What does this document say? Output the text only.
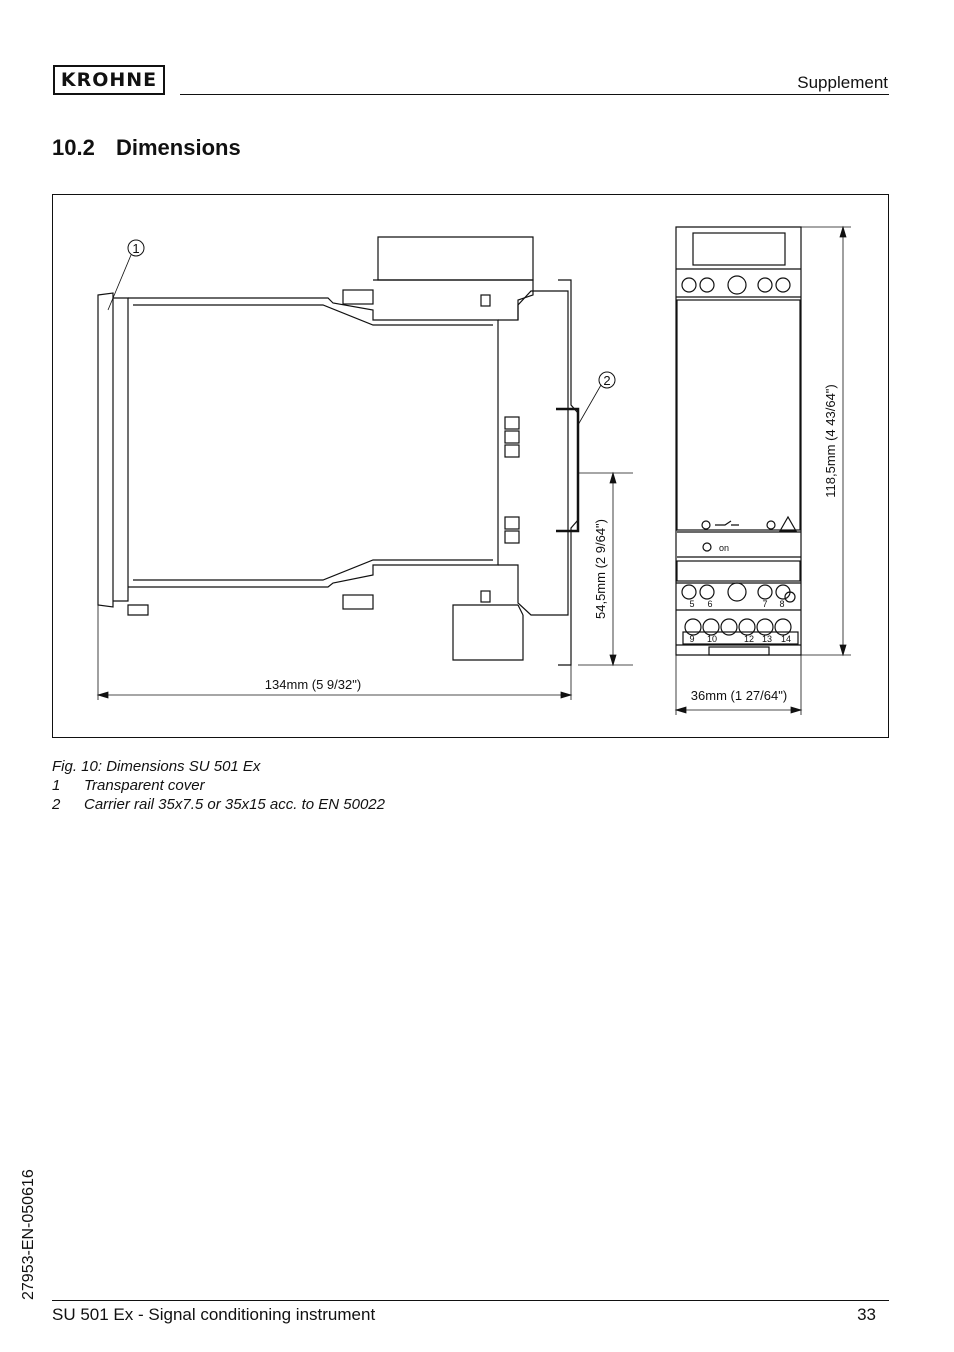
KROHNE	Supplement
10.2 Dimensions
1
2
134mm (5 9/32")
36mm (1 27/64")
118,5mm (4 43/64")
54,5mm (2 9/64")	5 6	7 8
9 10	12 13 14
on
Fig. 10: Dimensions SU 501 Ex
1	Transparent cover
2	Carrier rail 35x7.5 or 35x15 acc. to EN 50022
27953-EN-050616
SU 501 Ex - Signal conditioning instrument	33
